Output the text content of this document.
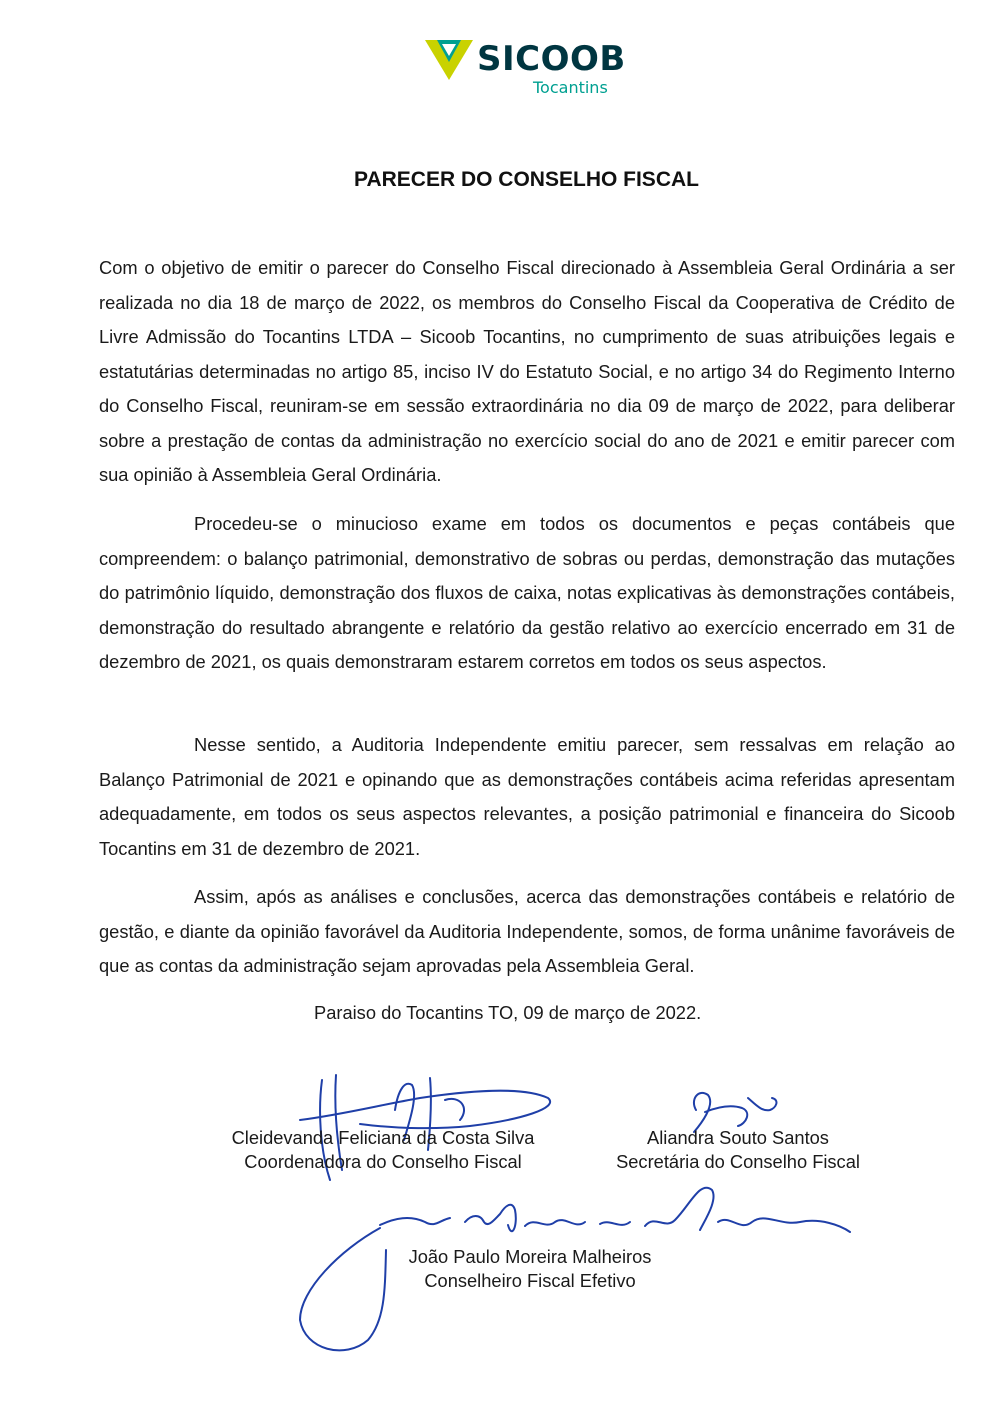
SICOOB
Tocantins
PARECER DO CONSELHO FISCAL

Com o objetivo de emitir o parecer do Conselho Fiscal direcionado à Assembleia Geral Ordinária a ser realizada no dia 18 de março de 2022, os membros do Conselho Fiscal da Cooperativa de Crédito de Livre Admissão do Tocantins LTDA – Sicoob Tocantins, no cumprimento de suas atribuições legais e estatutárias determinadas no artigo 85, inciso IV do Estatuto Social, e no artigo 34 do Regimento Interno do Conselho Fiscal, reuniram-se em sessão extraordinária no dia 09 de março de 2022, para deliberar sobre a prestação de contas da administração no exercício social do ano de 2021 e emitir parecer com sua opinião à Assembleia Geral Ordinária.

Procedeu-se o minucioso exame em todos os documentos e peças contábeis que compreendem: o balanço patrimonial, demonstrativo de sobras ou perdas, demonstração das mutações do patrimônio líquido, demonstração dos fluxos de caixa, notas explicativas às demonstrações contábeis, demonstração do resultado abrangente e relatório da gestão relativo ao exercício encerrado em 31 de dezembro de 2021, os quais demonstraram estarem corretos em todos os seus aspectos.

Nesse sentido, a Auditoria Independente emitiu parecer, sem ressalvas em relação ao Balanço Patrimonial de 2021 e opinando que as demonstrações contábeis acima referidas apresentam adequadamente, em todos os seus aspectos relevantes, a posição patrimonial e financeira do Sicoob Tocantins em 31 de dezembro de 2021.

Assim, após as análises e conclusões, acerca das demonstrações contábeis e relatório de gestão, e diante da opinião favorável da Auditoria Independente, somos, de forma unânime favoráveis de que as contas da administração sejam aprovadas pela Assembleia Geral.

Paraiso do Tocantins TO, 09 de março de 2022.
Cleidevanda Feliciana da Costa Silva
Coordenadora do Conselho Fiscal
Aliandra Souto Santos
Secretária do Conselho Fiscal
João Paulo Moreira Malheiros
Conselheiro Fiscal Efetivo
